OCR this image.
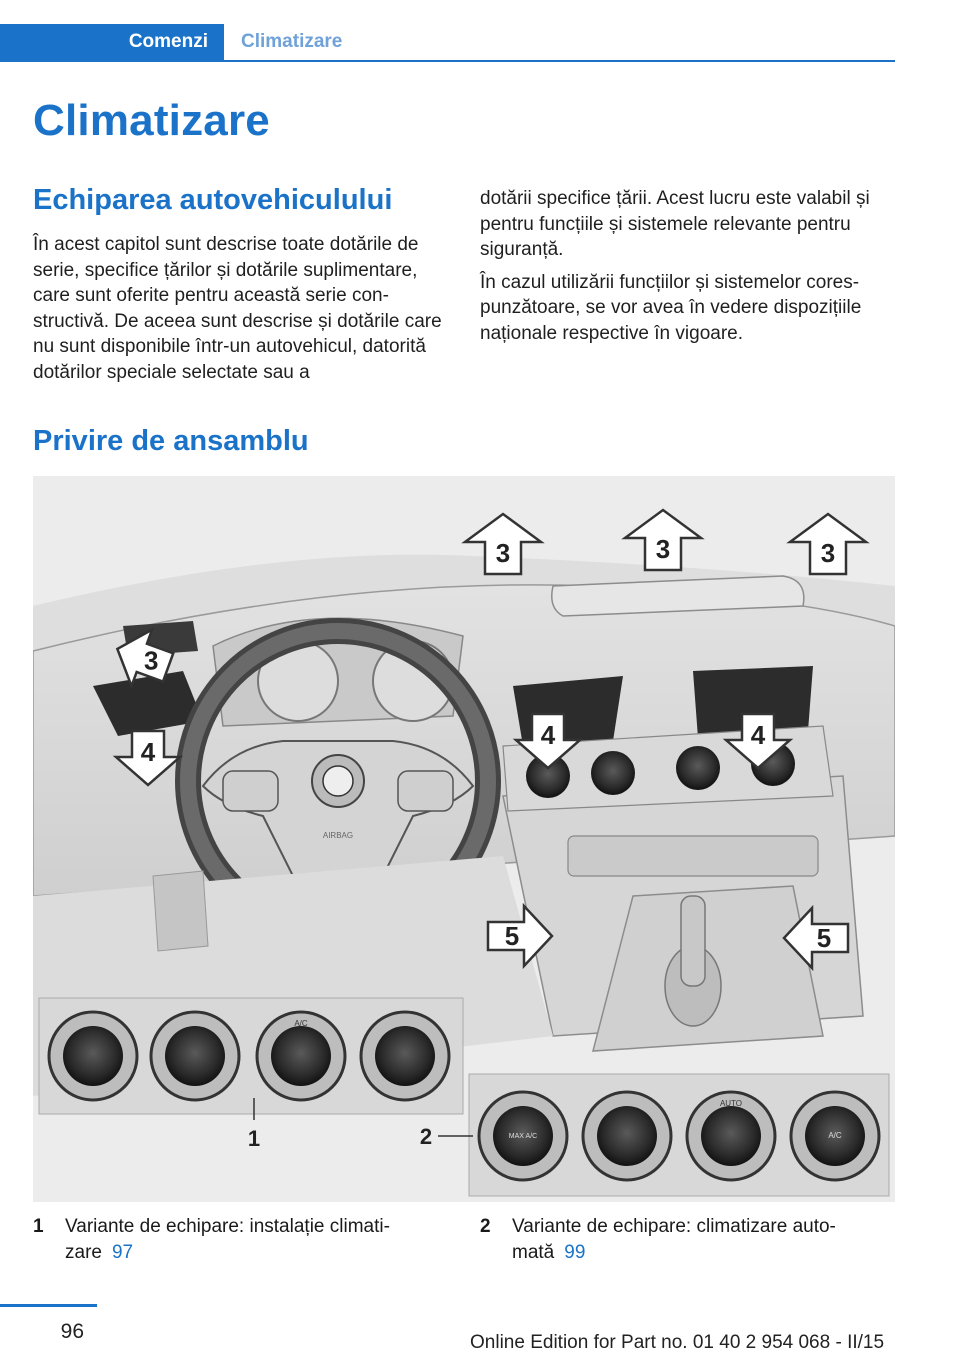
Comenzi	Climatizare
Climatizare
Echiparea autovehiculului

În acest capitol sunt descrise toate dotările de serie, specifice țărilor și dotările suplimentare, care sunt oferite pentru această serie con‐structivă. De aceea sunt descrise și dotările care nu sunt disponibile într-un autovehicul, datorită dotărilor speciale selectate sau a

dotării specifice țării. Acest lucru este valabil și pentru funcțiile și sistemele relevante pentru siguranță.

În cazul utilizării funcțiilor și sistemelor cores‐punzătoare, se vor avea în vedere dispozițiile naționale respective în vigoare.

Privire de ansamblu
AIRBAG
3	3	3
3
4	4
4
5	5
A/C
1	MAX A/C
AUTO
A/C
2
1 Variante de echipare: instalație climati‐zare 97
2 Variante de echipare: climatizare auto‐mată 99
96	Online Edition for Part no. 01 40 2 954 068 - II/15
